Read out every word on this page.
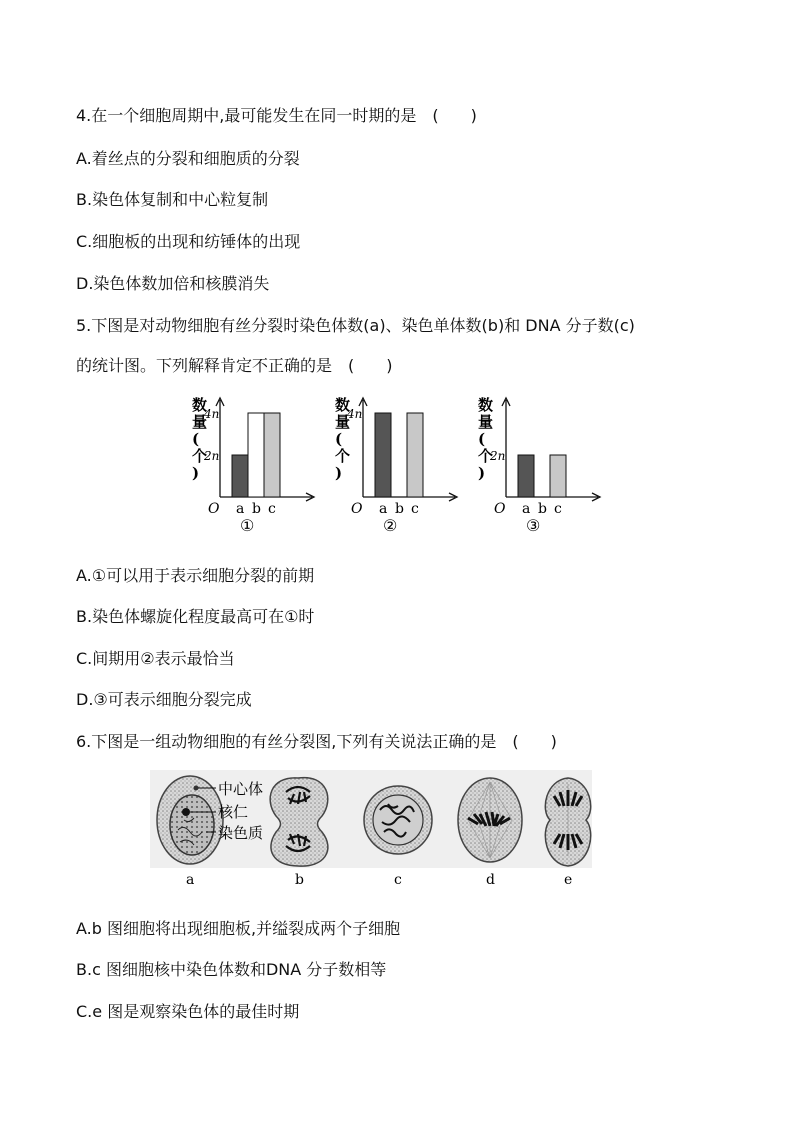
4.在一个细胞周期中,最可能发生在同一时期的是　(　　)
A.着丝点的分裂和细胞质的分裂
B.染色体复制和中心粒复制
C.细胞板的出现和纺锤体的出现
D.染色体数加倍和核膜消失
5.下图是对动物细胞有丝分裂时染色体数(a)、染色单体数(b)和 DNA 分子数(c)
的统计图。下列解释肯定不正确的是　(　　)
数
量
(
个
)
O
2n
4n
a b c
①
数
量
(
个
)
O
4n
a b c
②
数
量
(
个
)
O
2n
a b c
③
A.①可以用于表示细胞分裂的前期
B.染色体螺旋化程度最高可在①时
C.间期用②表示最恰当
D.③可表示细胞分裂完成
6.下图是一组动物细胞的有丝分裂图,下列有关说法正确的是　(　　)
中心体
核仁
染色质
a	b	c	d	e
A.b 图细胞将出现细胞板,并缢裂成两个子细胞
B.c 图细胞核中染色体数和DNA 分子数相等
C.e 图是观察染色体的最佳时期
